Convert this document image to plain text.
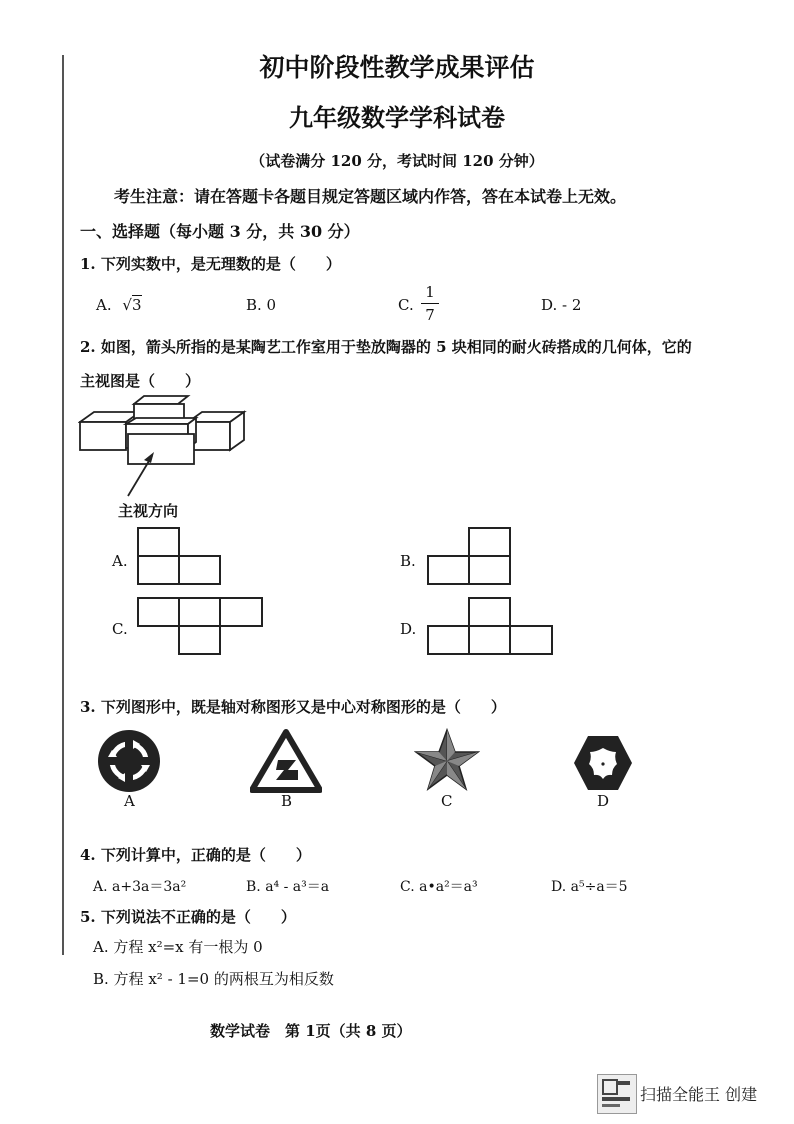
初中阶段性教学成果评估
九年级数学学科试卷
（试卷满分 120 分，考试时间 120 分钟）
考生注意：请在答题卡各题目规定答题区域内作答，答在本试卷上无效。
一、选择题（每小题 3 分，共 30 分）
1. 下列实数中，是无理数的是（　　）
A. √3	B. 0	C.
1
7
D. - 2
2. 如图，箭头所指的是某陶艺工作室用于垫放陶器的 5 块相同的耐火砖搭成的几何体，它的
主视图是（　　）
主视方向
A.	B.
C.	D.
3. 下列图形中，既是轴对称图形又是中心对称图形的是（　　）
A	B	C	D
4. 下列计算中，正确的是（　　）
A. a+3a＝3a²	B. a⁴ - a³＝a	C. a•a²＝a³	D. a⁵÷a＝5
5. 下列说法不正确的是（　　）
A. 方程 x²=x 有一根为 0
B. 方程 x² - 1=0 的两根互为相反数
数学试卷　第 1页（共 8 页）
扫描全能王 创建
